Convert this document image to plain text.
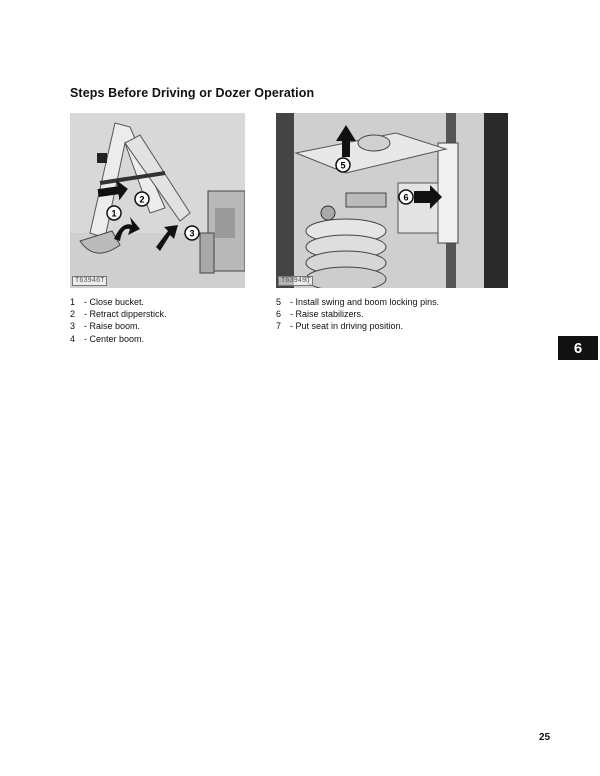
Steps Before Driving or Dozer Operation
1
2
3
T63946T
5
6
T63949T
1 - Close bucket.
2 - Retract dipperstick.
3 - Raise boom.
4 - Center boom.
5 - Install swing and boom locking pins.
6 - Raise stabilizers.
7 - Put seat in driving position.
6
25
